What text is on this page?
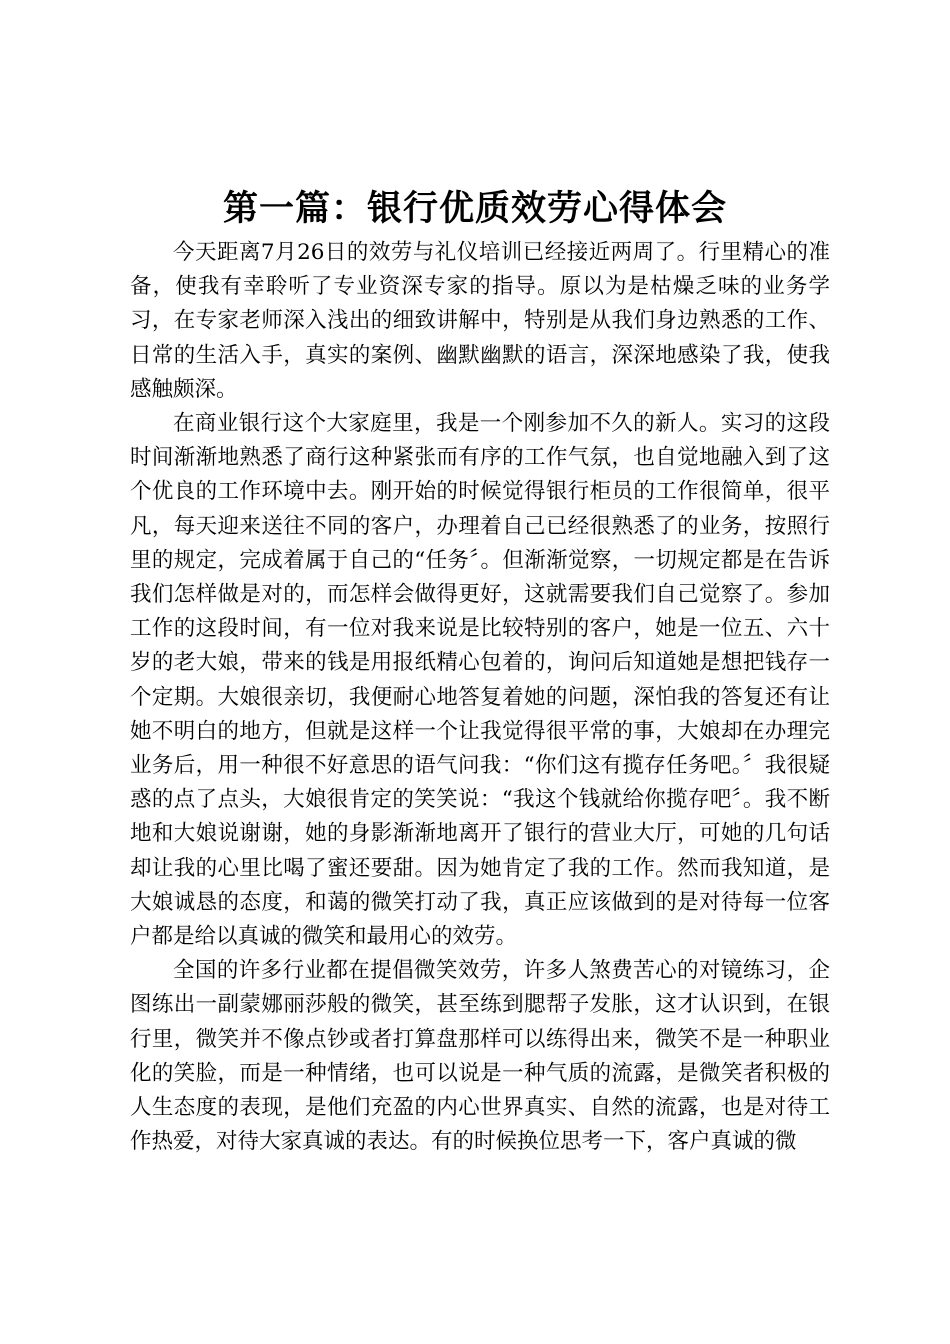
第一篇：银行优质效劳心得体会

今天距离7月26日的效劳与礼仪培训已经接近两周了。行里精心的准备，使我有幸聆听了专业资深专家的指导。原以为是枯燥乏味的业务学习，在专家老师深入浅出的细致讲解中，特别是从我们身边熟悉的工作、日常的生活入手，真实的案例、幽默幽默的语言，深深地感染了我，使我感触颇深。

在商业银行这个大家庭里，我是一个刚参加不久的新人。实习的这段时间渐渐地熟悉了商行这种紧张而有序的工作气氛，也自觉地融入到了这个优良的工作环境中去。刚开始的时候觉得银行柜员的工作很简单，很平凡，每天迎来送往不同的客户，办理着自己已经很熟悉了的业务，按照行里的规定，完成着属于自己的“任务〞。但渐渐觉察，一切规定都是在告诉我们怎样做是对的，而怎样会做得更好，这就需要我们自己觉察了。参加工作的这段时间，有一位对我来说是比较特别的客户，她是一位五、六十岁的老大娘，带来的钱是用报纸精心包着的，询问后知道她是想把钱存一个定期。大娘很亲切，我便耐心地答复着她的问题，深怕我的答复还有让她不明白的地方，但就是这样一个让我觉得很平常的事，大娘却在办理完业务后，用一种很不好意思的语气问我：“你们这有揽存任务吧。〞我很疑惑的点了点头，大娘很肯定的笑笑说：“我这个钱就给你揽存吧〞。我不断地和大娘说谢谢，她的身影渐渐地离开了银行的营业大厅，可她的几句话却让我的心里比喝了蜜还要甜。因为她肯定了我的工作。然而我知道，是大娘诚恳的态度，和蔼的微笑打动了我，真正应该做到的是对待每一位客户都是给以真诚的微笑和最用心的效劳。

全国的许多行业都在提倡微笑效劳，许多人煞费苦心的对镜练习，企图练出一副蒙娜丽莎般的微笑，甚至练到腮帮子发胀，这才认识到，在银行里，微笑并不像点钞或者打算盘那样可以练得出来，微笑不是一种职业化的笑脸，而是一种情绪，也可以说是一种气质的流露，是微笑者积极的人生态度的表现，是他们充盈的内心世界真实、自然的流露，也是对待工作热爱，对待大家真诚的表达。有的时候换位思考一下，客户真诚的微
